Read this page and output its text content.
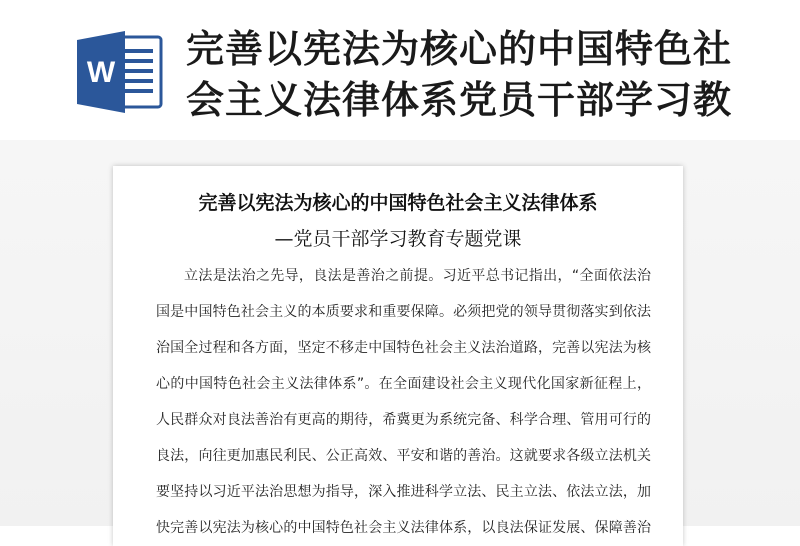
W
完善以宪法为核心的中国特色社
会主义法律体系党员干部学习教
完善以宪法为核心的中国特色社会主义法律体系

—党员干部学习教育专题党课

立法是法治之先导，良法是善治之前提。习近平总书记指出，“全面依法治
国是中国特色社会主义的本质要求和重要保障。必须把党的领导贯彻落实到依法
治国全过程和各方面，坚定不移走中国特色社会主义法治道路，完善以宪法为核
心的中国特色社会主义法律体系”。在全面建设社会主义现代化国家新征程上，
人民群众对良法善治有更高的期待，希冀更为系统完备、科学合理、管用可行的
良法，向往更加惠民利民、公正高效、平安和谐的善治。这就要求各级立法机关
要坚持以习近平法治思想为指导，深入推进科学立法、民主立法、依法立法，加
快完善以宪法为核心的中国特色社会主义法律体系，以良法保证发展、保障善治
